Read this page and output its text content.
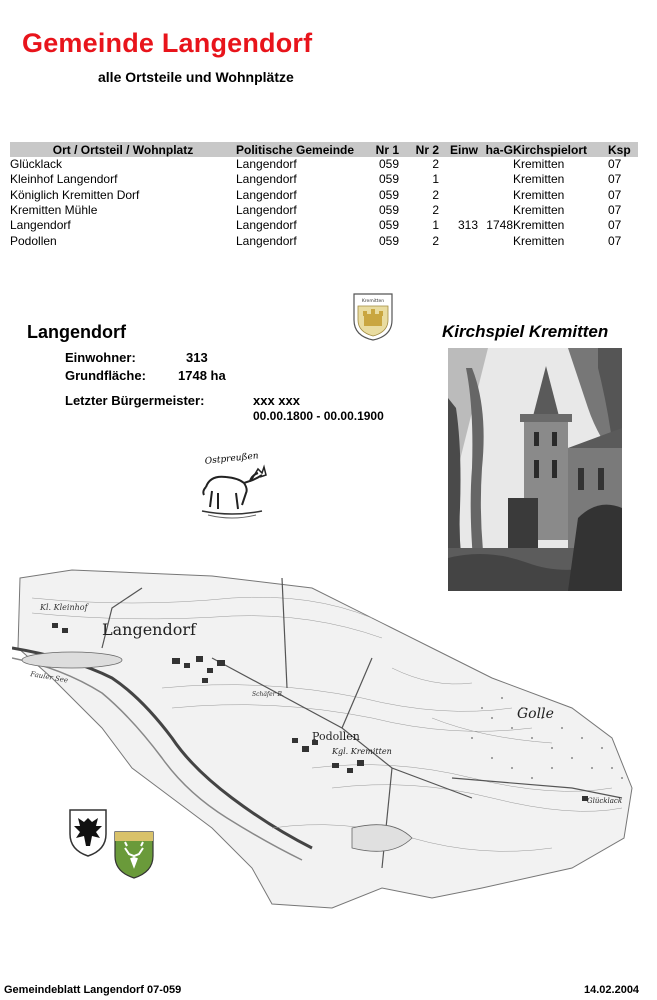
Gemeinde Langendorf
alle Ortsteile und Wohnplätze
Ort / Ortsteil / Wohnplatz	Politische Gemeinde	Nr 1	Nr 2	Einw	ha-G	Kirchspielort	Ksp
Glücklack	Langendorf	059	2			Kremitten	07
Kleinhof Langendorf	Langendorf	059	1			Kremitten	07
Königlich Kremitten Dorf	Langendorf	059	2			Kremitten	07
Kremitten Mühle	Langendorf	059	2			Kremitten	07
Langendorf	Langendorf	059	1	313	1748	Kremitten	07
Podollen	Langendorf	059	2			Kremitten	07
Kremitten
Langendorf	Kirchspiel Kremitten
Einwohner:	313
Grundfläche: 1748 ha
Letzter Bürgermeister:	xxx xxx
00.00.1800 - 00.00.1900
Ostpreußen
Langendorf
Kl. Kleinhof
Podollen
Kgl. Kremitten
Golle
Glücklack
Fauler See
Schäfer B.
Gemeindeblatt Langendorf 07-059	14.02.2004
